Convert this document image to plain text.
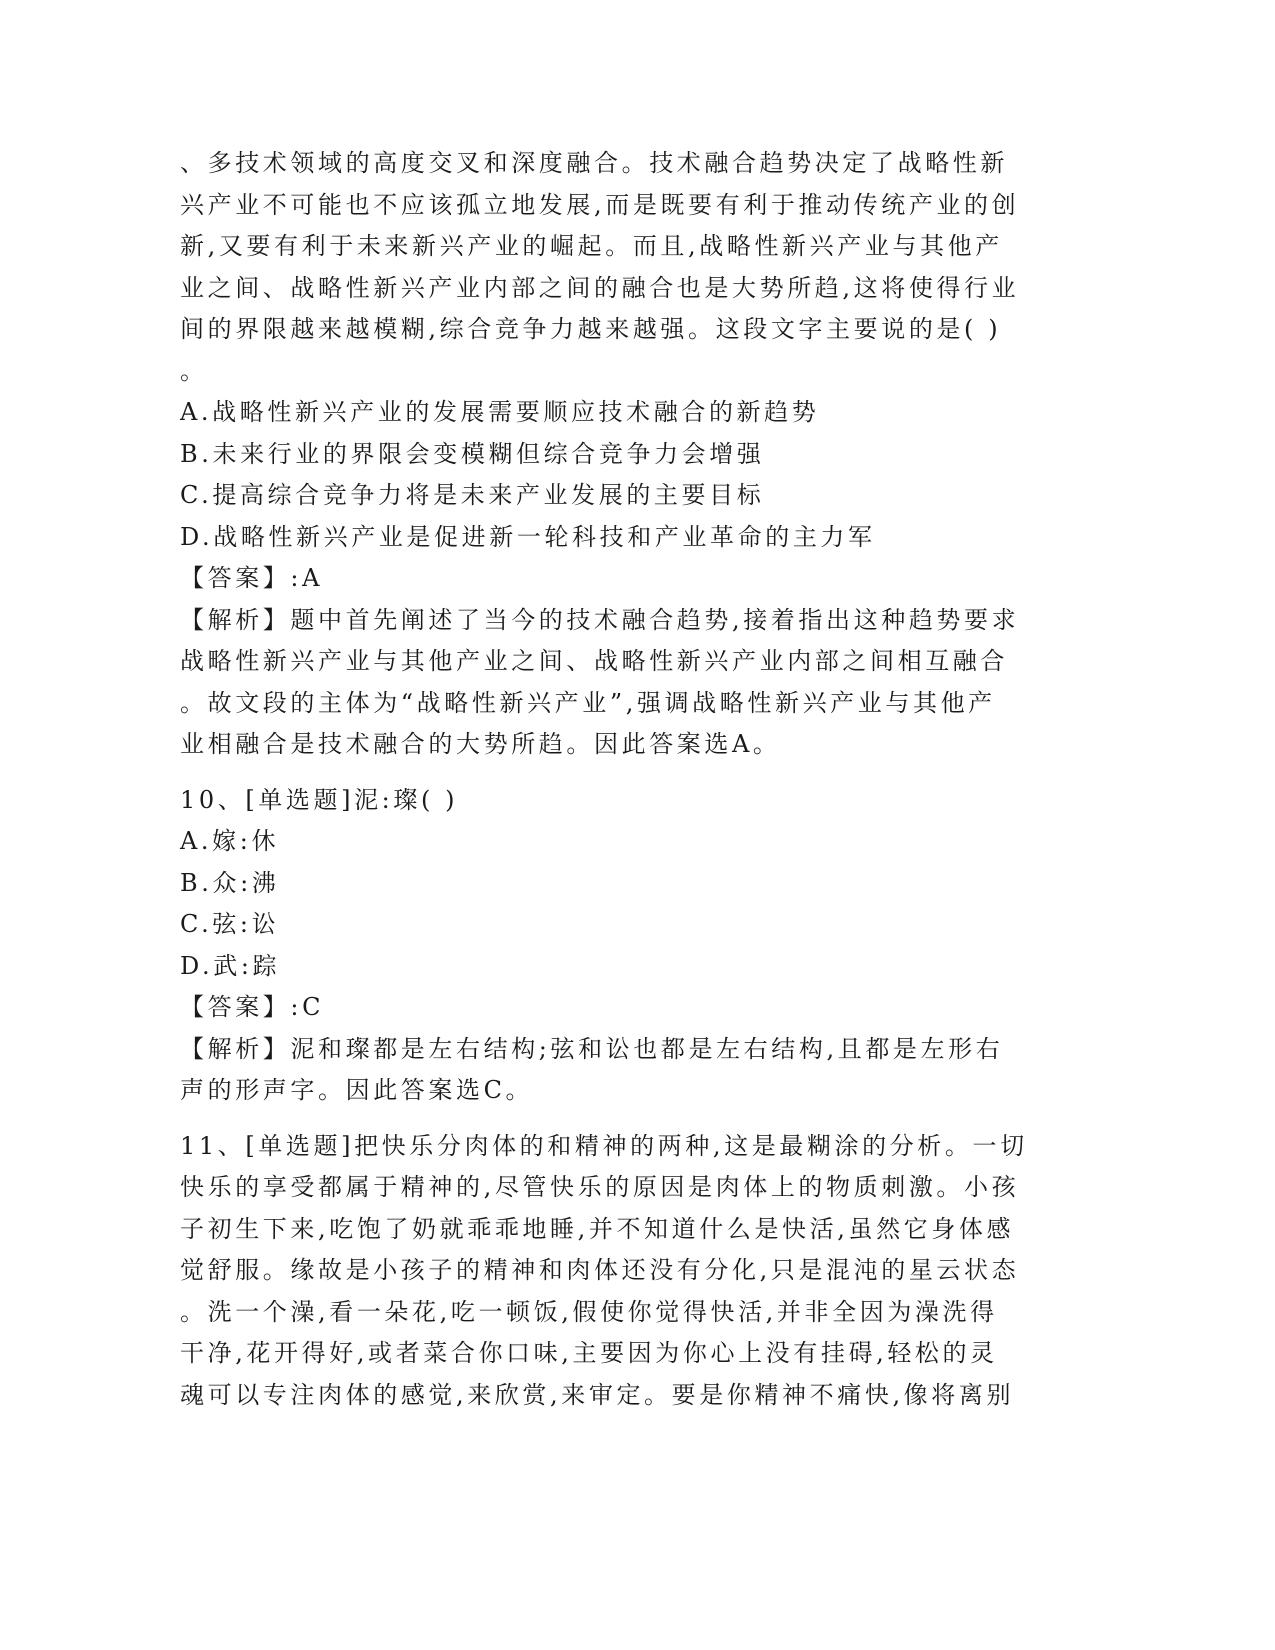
、多技术领域的高度交叉和深度融合。技术融合趋势决定了战略性新
兴产业不可能也不应该孤立地发展,而是既要有利于推动传统产业的创
新,又要有利于未来新兴产业的崛起。而且,战略性新兴产业与其他产
业之间、战略性新兴产业内部之间的融合也是大势所趋,这将使得行业
间的界限越来越模糊,综合竞争力越来越强。这段文字主要说的是( )
。
A.战略性新兴产业的发展需要顺应技术融合的新趋势
B.未来行业的界限会变模糊但综合竞争力会增强
C.提高综合竞争力将是未来产业发展的主要目标
D.战略性新兴产业是促进新一轮科技和产业革命的主力军
【答案】:A
【解析】题中首先阐述了当今的技术融合趋势,接着指出这种趋势要求
战略性新兴产业与其他产业之间、战略性新兴产业内部之间相互融合
。故文段的主体为“战略性新兴产业”,强调战略性新兴产业与其他产
业相融合是技术融合的大势所趋。因此答案选A。
10、[单选题]泥:璨( )
A.嫁:休
B.众:沸
C.弦:讼
D.武:踪
【答案】:C
【解析】泥和璨都是左右结构;弦和讼也都是左右结构,且都是左形右
声的形声字。因此答案选C。
11、[单选题]把快乐分肉体的和精神的两种,这是最糊涂的分析。一切
快乐的享受都属于精神的,尽管快乐的原因是肉体上的物质刺激。小孩
子初生下来,吃饱了奶就乖乖地睡,并不知道什么是快活,虽然它身体感
觉舒服。缘故是小孩子的精神和肉体还没有分化,只是混沌的星云状态
。洗一个澡,看一朵花,吃一顿饭,假使你觉得快活,并非全因为澡洗得
干净,花开得好,或者菜合你口味,主要因为你心上没有挂碍,轻松的灵
魂可以专注肉体的感觉,来欣赏,来审定。要是你精神不痛快,像将离别
